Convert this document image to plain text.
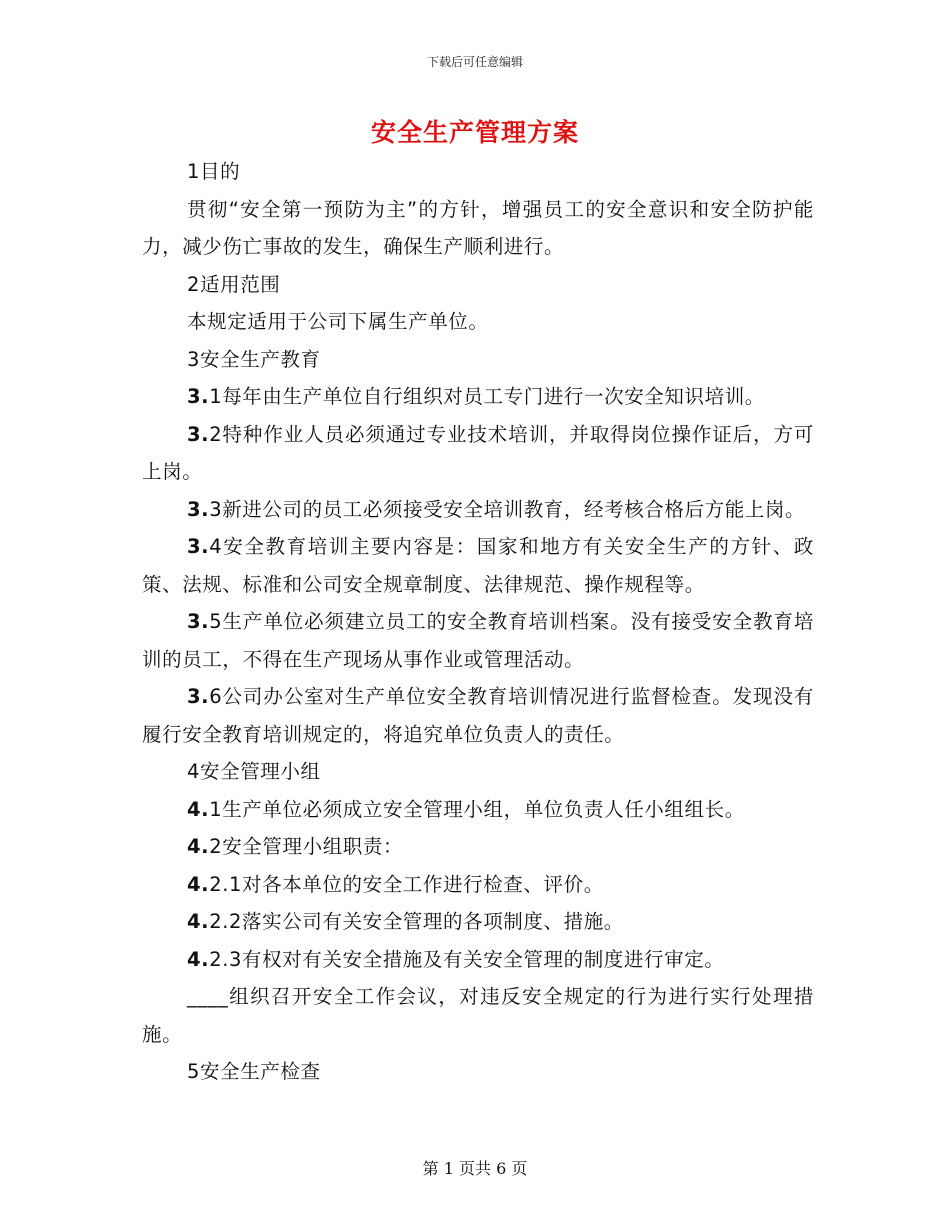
下载后可任意编辑
安全生产管理方案

1目的

贯彻“安全第一预防为主”的方针，增强员工的安全意识和安全防护能力，减少伤亡事故的发生，确保生产顺利进行。

2适用范围

本规定适用于公司下属生产单位。

3安全生产教育

3.1每年由生产单位自行组织对员工专门进行一次安全知识培训。

3.2特种作业人员必须通过专业技术培训，并取得岗位操作证后，方可上岗。

3.3新进公司的员工必须接受安全培训教育，经考核合格后方能上岗。

3.4安全教育培训主要内容是：国家和地方有关安全生产的方针、政策、法规、标准和公司安全规章制度、法律规范、操作规程等。

3.5生产单位必须建立员工的安全教育培训档案。没有接受安全教育培训的员工，不得在生产现场从事作业或管理活动。

3.6公司办公室对生产单位安全教育培训情况进行监督检查。发现没有履行安全教育培训规定的，将追究单位负责人的责任。

4安全管理小组

4.1生产单位必须成立安全管理小组，单位负责人任小组组长。

4.2安全管理小组职责：

4.2.1对各本单位的安全工作进行检查、评价。

4.2.2落实公司有关安全管理的各项制度、措施。

4.2.3有权对有关安全措施及有关安全管理的制度进行审定。

____组织召开安全工作会议，对违反安全规定的行为进行实行处理措施。

5安全生产检查

第 1 页共 6 页
